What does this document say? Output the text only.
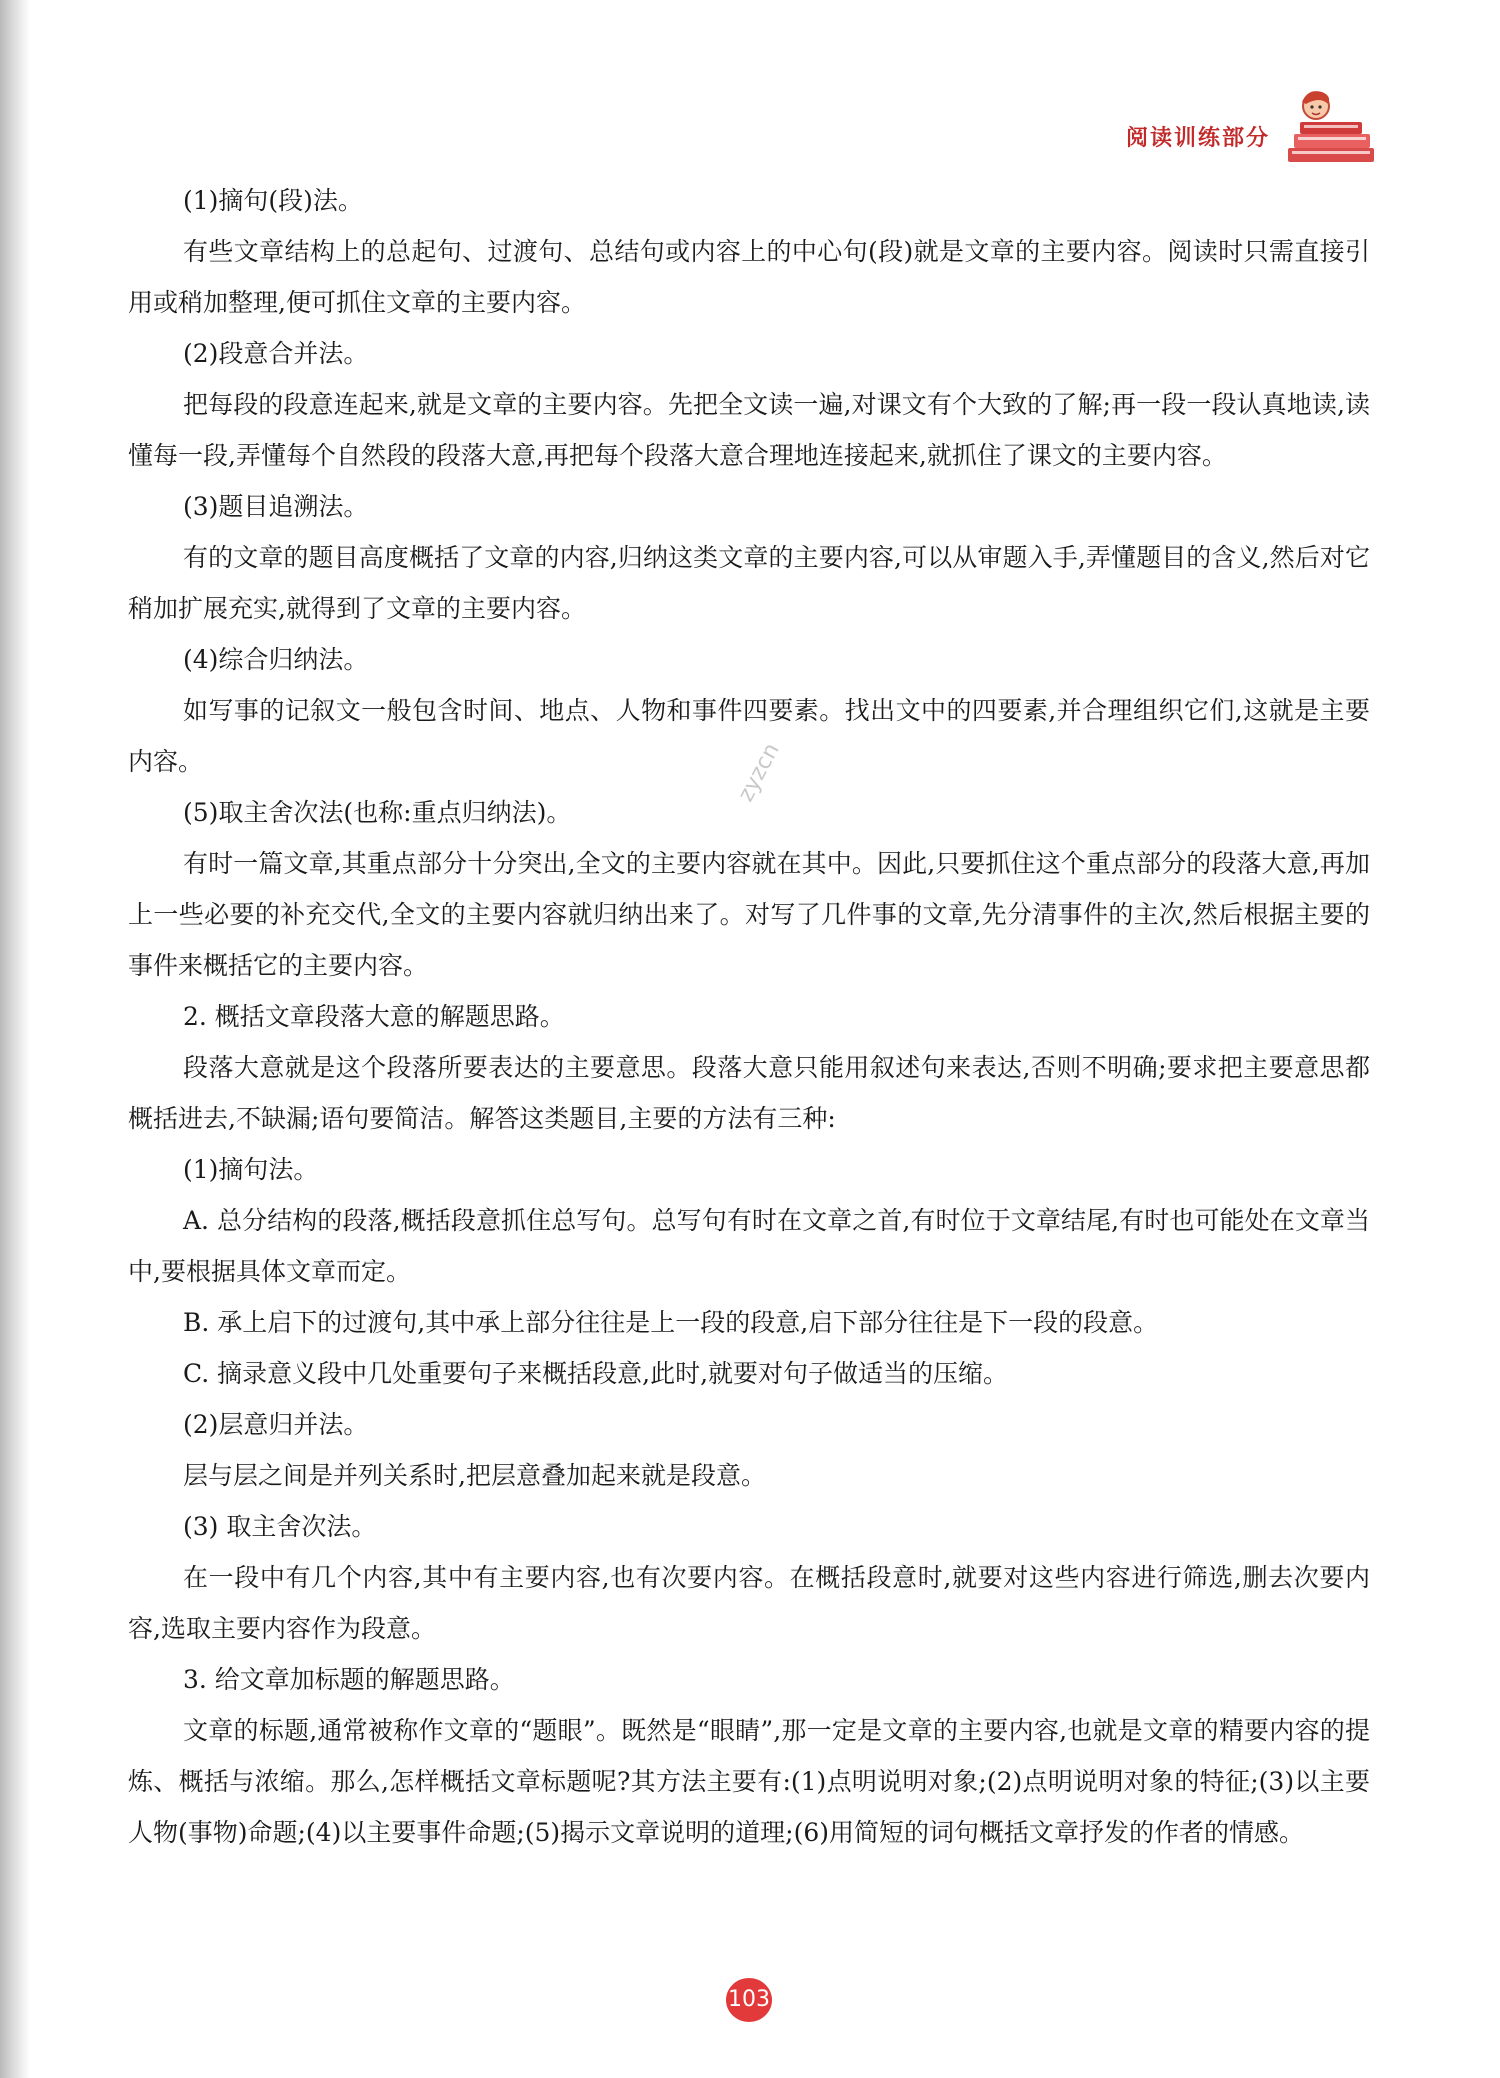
阅读训练部分

(1)摘句(段)法。

有些文章结构上的总起句、过渡句、总结句或内容上的中心句(段)就是文章的主要内容。阅读时只需直接引用或稍加整理,便可抓住文章的主要内容。

(2)段意合并法。

把每段的段意连起来,就是文章的主要内容。先把全文读一遍,对课文有个大致的了解;再一段一段认真地读,读懂每一段,弄懂每个自然段的段落大意,再把每个段落大意合理地连接起来,就抓住了课文的主要内容。

(3)题目追溯法。

有的文章的题目高度概括了文章的内容,归纳这类文章的主要内容,可以从审题入手,弄懂题目的含义,然后对它稍加扩展充实,就得到了文章的主要内容。

(4)综合归纳法。

如写事的记叙文一般包含时间、地点、人物和事件四要素。找出文中的四要素,并合理组织它们,这就是主要内容。

(5)取主舍次法(也称:重点归纳法)。

有时一篇文章,其重点部分十分突出,全文的主要内容就在其中。因此,只要抓住这个重点部分的段落大意,再加上一些必要的补充交代,全文的主要内容就归纳出来了。对写了几件事的文章,先分清事件的主次,然后根据主要的事件来概括它的主要内容。

2. 概括文章段落大意的解题思路。

段落大意就是这个段落所要表达的主要意思。段落大意只能用叙述句来表达,否则不明确;要求把主要意思都概括进去,不缺漏;语句要简洁。解答这类题目,主要的方法有三种:

(1)摘句法。

A. 总分结构的段落,概括段意抓住总写句。总写句有时在文章之首,有时位于文章结尾,有时也可能处在文章当中,要根据具体文章而定。

B. 承上启下的过渡句,其中承上部分往往是上一段的段意,启下部分往往是下一段的段意。

C. 摘录意义段中几处重要句子来概括段意,此时,就要对句子做适当的压缩。

(2)层意归并法。

层与层之间是并列关系时,把层意叠加起来就是段意。

(3) 取主舍次法。

在一段中有几个内容,其中有主要内容,也有次要内容。在概括段意时,就要对这些内容进行筛选,删去次要内容,选取主要内容作为段意。

3. 给文章加标题的解题思路。

文章的标题,通常被称作文章的“题眼”。既然是“眼睛”,那一定是文章的主要内容,也就是文章的精要内容的提炼、概括与浓缩。那么,怎样概括文章标题呢?其方法主要有:(1)点明说明对象;(2)点明说明对象的特征;(3)以主要人物(事物)命题;(4)以主要事件命题;(5)揭示文章说明的道理;(6)用简短的词句概括文章抒发的作者的情感。

zyzcn
103
